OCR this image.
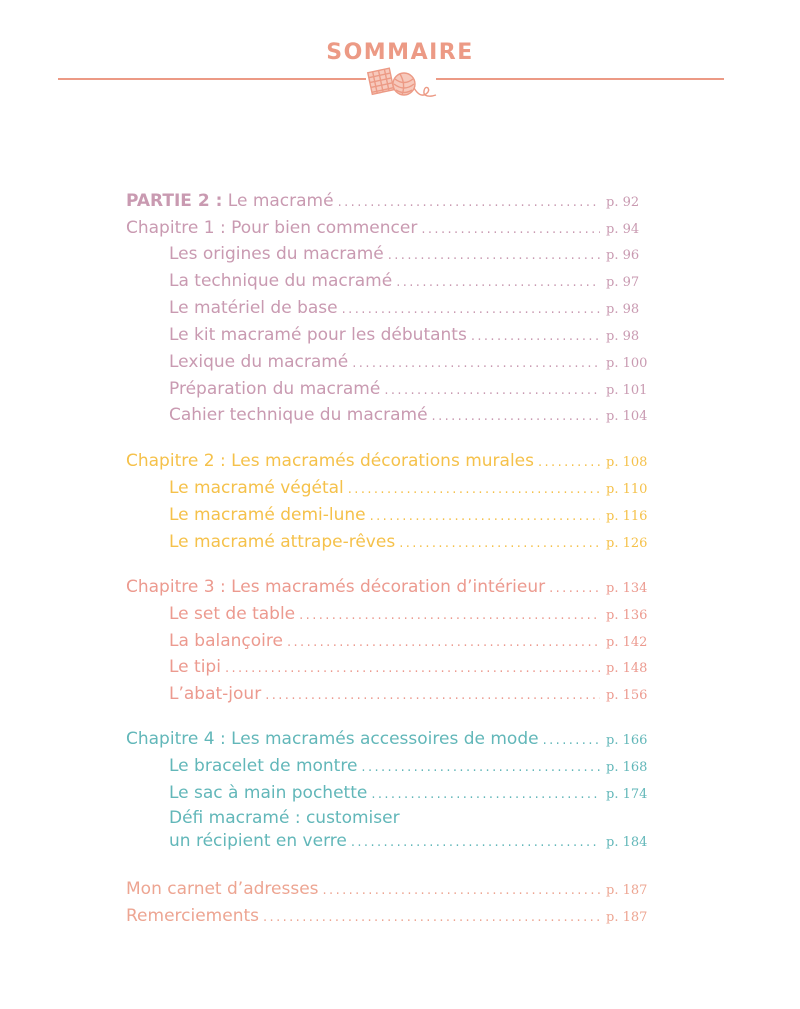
SOMMAIRE
PARTIE 2 : Le macramé .....	p. 92
Chapitre 1 : Pour bien commencer .....	p. 94
Les origines du macramé .....	p. 96
La technique du macramé .....	p. 97
Le matériel de base .....	p. 98
Le kit macramé pour les débutants .....	p. 98
Lexique du macramé .....	p. 100
Préparation du macramé .....	p. 101
Cahier technique du macramé .....	p. 104
Chapitre 2 : Les macramés décorations murales .....	p. 108
Le macramé végétal .....	p. 110
Le macramé demi-lune .....	p. 116
Le macramé attrape-rêves .....	p. 126
Chapitre 3 : Les macramés décoration d’intérieur .....	p. 134
Le set de table .....	p. 136
La balançoire .....	p. 142
Le tipi .....	p. 148
L’abat-jour .....	p. 156
Chapitre 4 : Les macramés accessoires de mode .....	p. 166
Le bracelet de montre .....	p. 168
Le sac à main pochette .....	p. 174
Défi macramé : customiser
un récipient en verre .....	p. 184
Mon carnet d’adresses .....	p. 187
Remerciements .....	p. 187
